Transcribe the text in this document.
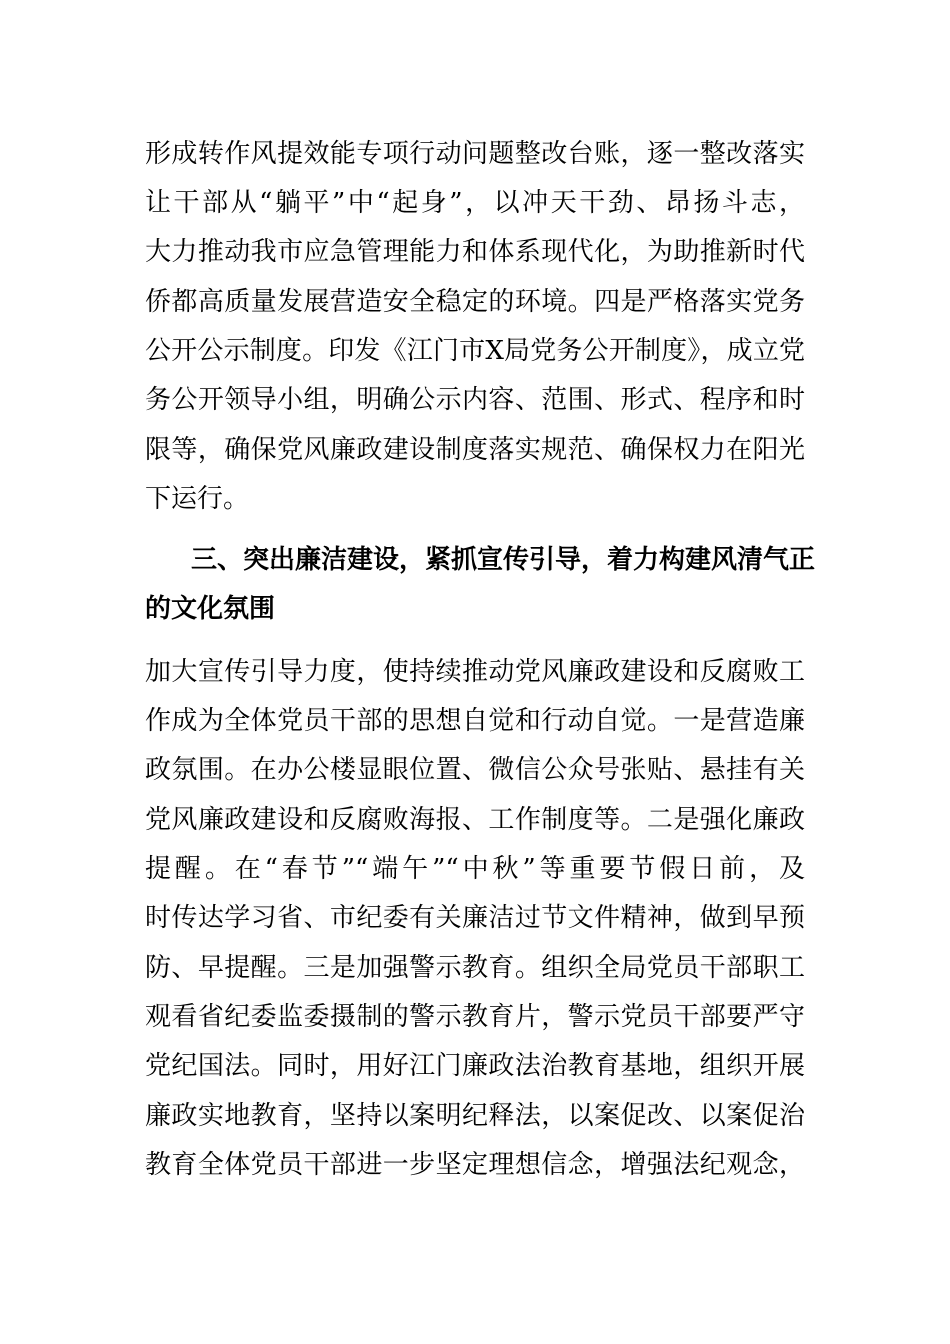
形成转作风提效能专项行动问题整改台账，逐一整改落实
让干部从“躺平”中“起身”，以冲天干劲、昂扬斗志，
大力推动我市应急管理能力和体系现代化，为助推新时代
侨都高质量发展营造安全稳定的环境。四是严格落实党务
公开公示制度。印发《江门市X局党务公开制度》，成立党
务公开领导小组，明确公示内容、范围、形式、程序和时
限等，确保党风廉政建设制度落实规范、确保权力在阳光
下运行。
三、突出廉洁建设，紧抓宣传引导，着力构建风清气正
的文化氛围
加大宣传引导力度，使持续推动党风廉政建设和反腐败工
作成为全体党员干部的思想自觉和行动自觉。一是营造廉
政氛围。在办公楼显眼位置、微信公众号张贴、悬挂有关
党风廉政建设和反腐败海报、工作制度等。二是强化廉政
提醒。在“春节”“端午”“中秋”等重要节假日前，及
时传达学习省、市纪委有关廉洁过节文件精神，做到早预
防、早提醒。三是加强警示教育。组织全局党员干部职工
观看省纪委监委摄制的警示教育片，警示党员干部要严守
党纪国法。同时，用好江门廉政法治教育基地，组织开展
廉政实地教育，坚持以案明纪释法，以案促改、以案促治
教育全体党员干部进一步坚定理想信念，增强法纪观念，
